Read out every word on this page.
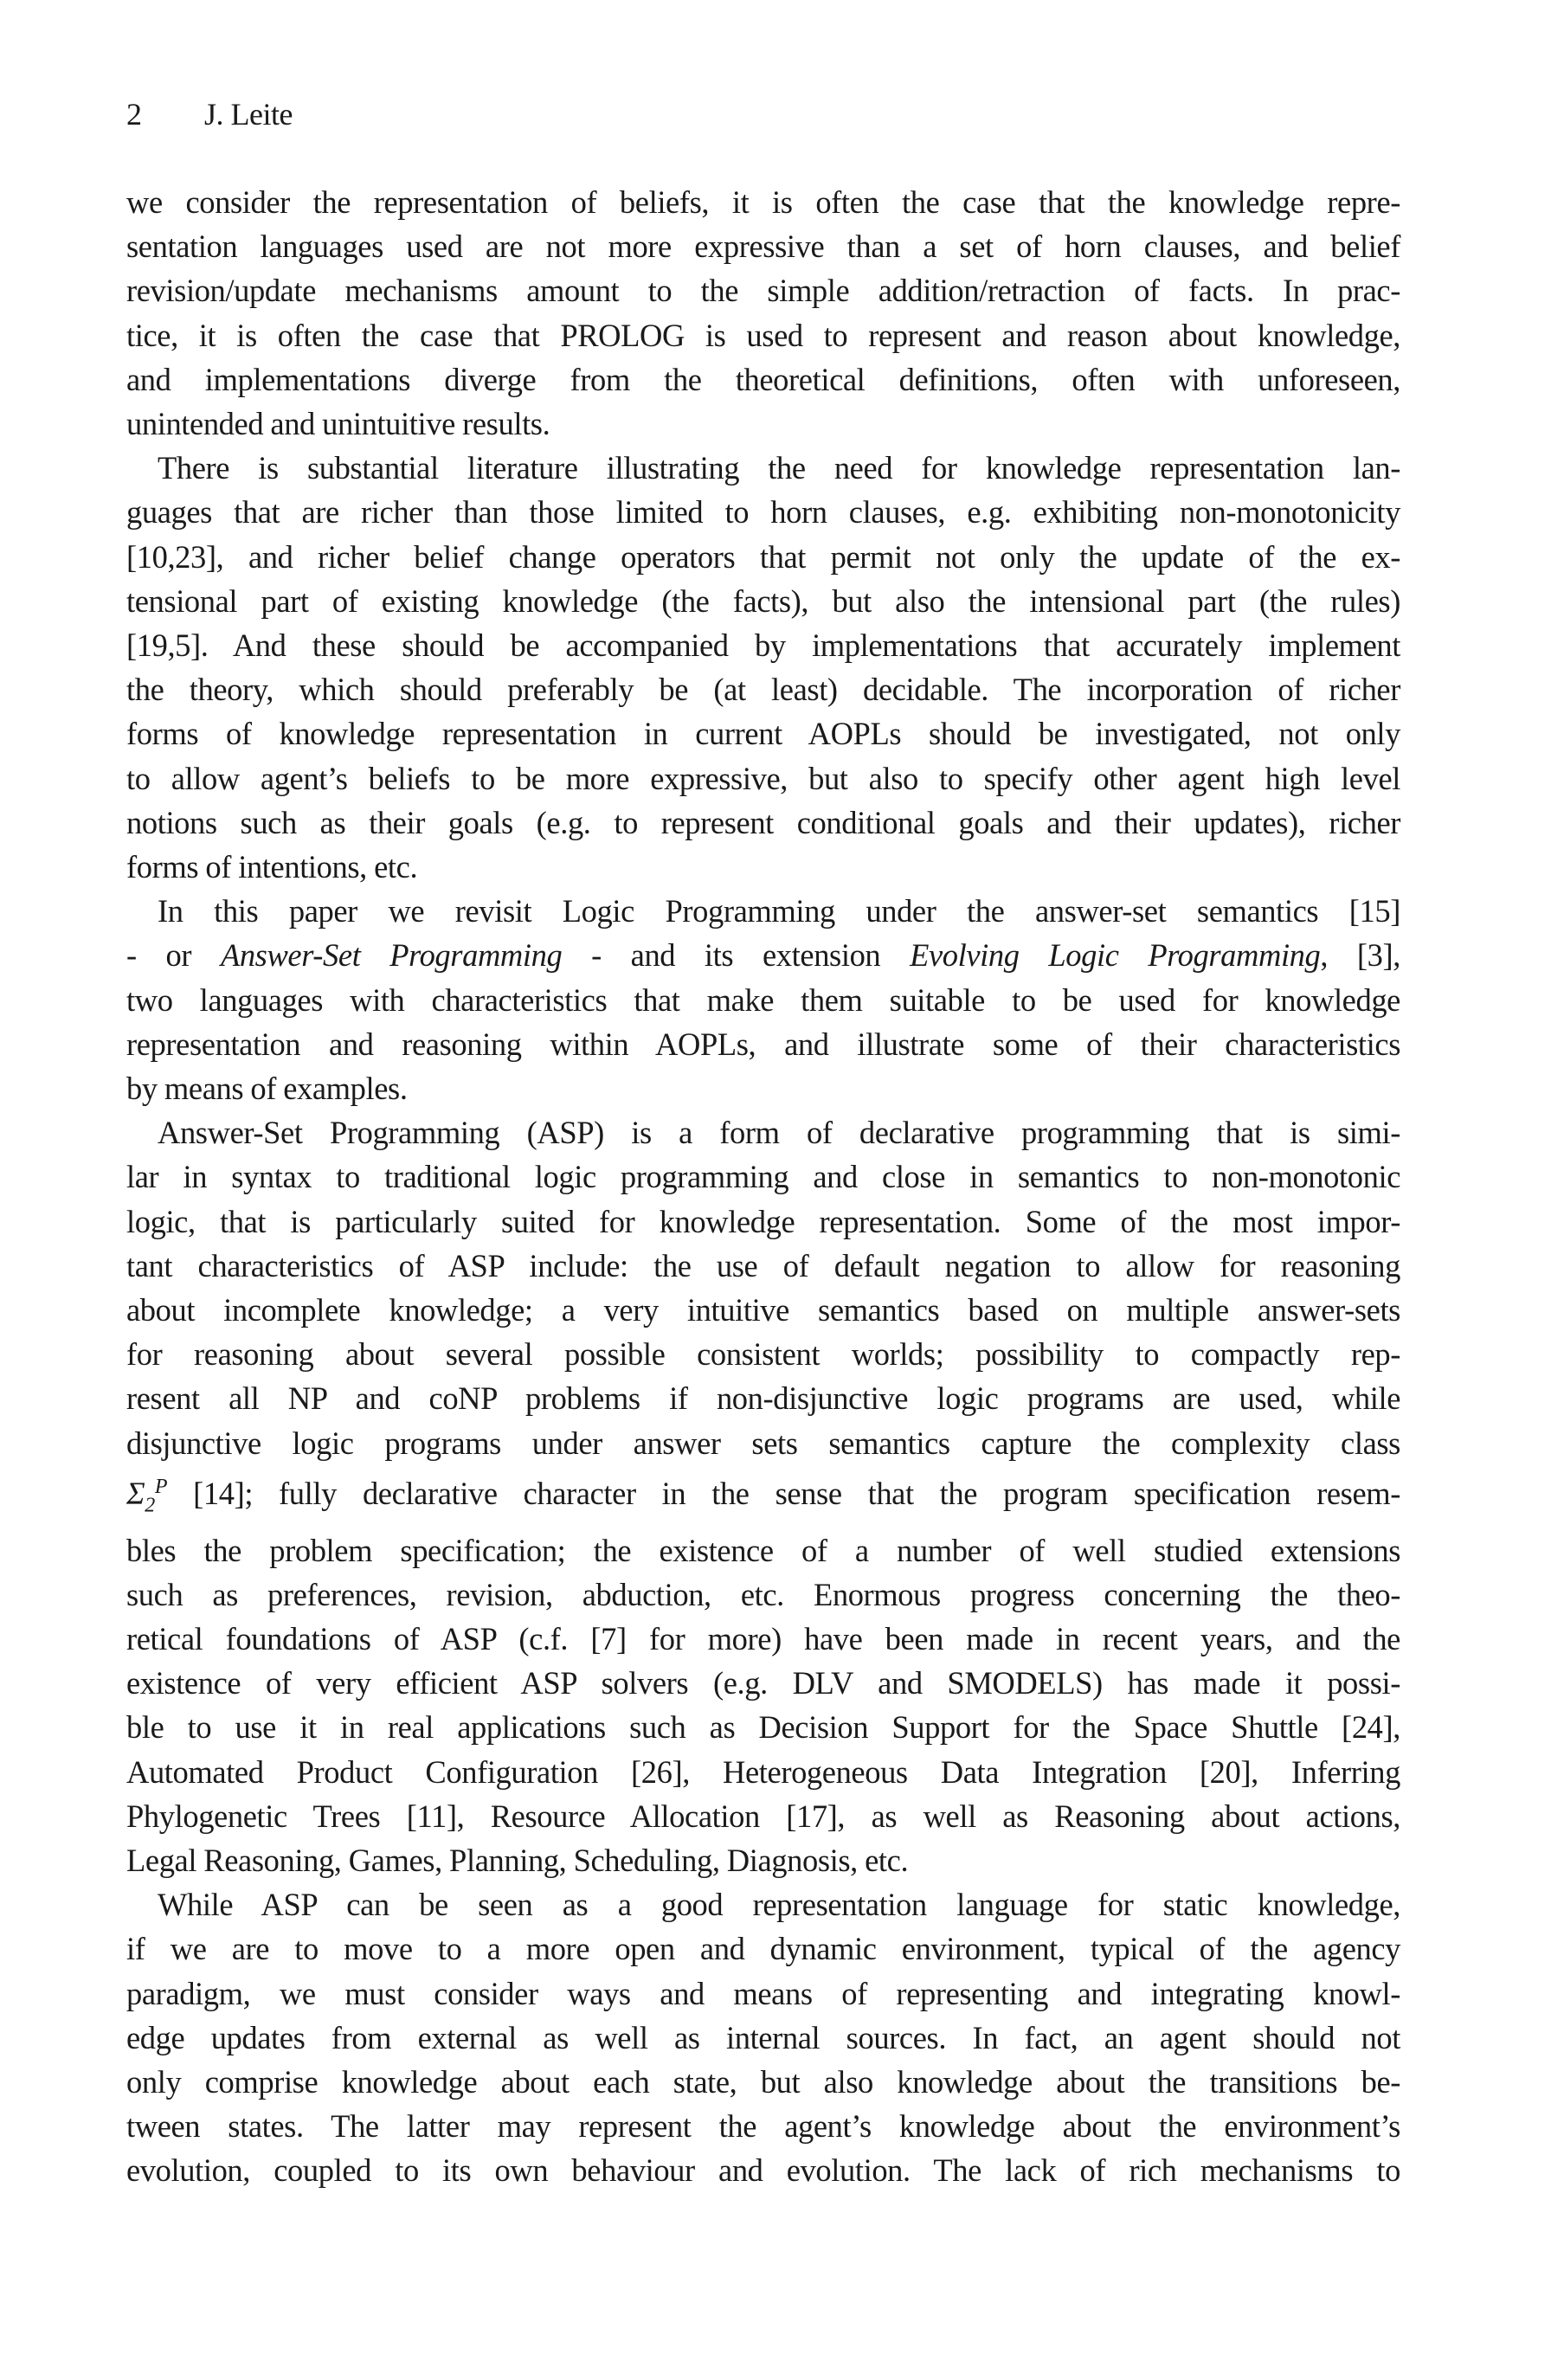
2 J. Leite

we consider the representation of beliefs, it is often the case that the knowledge repre-
sentation languages used are not more expressive than a set of horn clauses, and belief
revision/update mechanisms amount to the simple addition/retraction of facts. In prac-
tice, it is often the case that PROLOG is used to represent and reason about knowledge,
and implementations diverge from the theoretical definitions, often with unforeseen,
unintended and unintuitive results.

There is substantial literature illustrating the need for knowledge representation lan-
guages that are richer than those limited to horn clauses, e.g. exhibiting non-monotonicity
[10,23], and richer belief change operators that permit not only the update of the ex-
tensional part of existing knowledge (the facts), but also the intensional part (the rules)
[19,5]. And these should be accompanied by implementations that accurately implement
the theory, which should preferably be (at least) decidable. The incorporation of richer
forms of knowledge representation in current AOPLs should be investigated, not only
to allow agent’s beliefs to be more expressive, but also to specify other agent high level
notions such as their goals (e.g. to represent conditional goals and their updates), richer
forms of intentions, etc.

In this paper we revisit Logic Programming under the answer-set semantics [15]
- or Answer-Set Programming - and its extension Evolving Logic Programming, [3],
two languages with characteristics that make them suitable to be used for knowledge
representation and reasoning within AOPLs, and illustrate some of their characteristics
by means of examples.

Answer-Set Programming (ASP) is a form of declarative programming that is simi-
lar in syntax to traditional logic programming and close in semantics to non-monotonic
logic, that is particularly suited for knowledge representation. Some of the most impor-
tant characteristics of ASP include: the use of default negation to allow for reasoning
about incomplete knowledge; a very intuitive semantics based on multiple answer-sets
for reasoning about several possible consistent worlds; possibility to compactly rep-
resent all NP and coNP problems if non-disjunctive logic programs are used, while
disjunctive logic programs under answer sets semantics capture the complexity class
$\Sigma_2^P$ [14]; fully declarative character in the sense that the program specification resem-
bles the problem specification; the existence of a number of well studied extensions
such as preferences, revision, abduction, etc. Enormous progress concerning the theo-
retical foundations of ASP (c.f. [7] for more) have been made in recent years, and the
existence of very efficient ASP solvers (e.g. DLV and SMODELS) has made it possi-
ble to use it in real applications such as Decision Support for the Space Shuttle [24],
Automated Product Configuration [26], Heterogeneous Data Integration [20], Inferring
Phylogenetic Trees [11], Resource Allocation [17], as well as Reasoning about actions,
Legal Reasoning, Games, Planning, Scheduling, Diagnosis, etc.

While ASP can be seen as a good representation language for static knowledge,
if we are to move to a more open and dynamic environment, typical of the agency
paradigm, we must consider ways and means of representing and integrating knowl-
edge updates from external as well as internal sources. In fact, an agent should not
only comprise knowledge about each state, but also knowledge about the transitions be-
tween states. The latter may represent the agent’s knowledge about the environment’s
evolution, coupled to its own behaviour and evolution. The lack of rich mechanisms to
